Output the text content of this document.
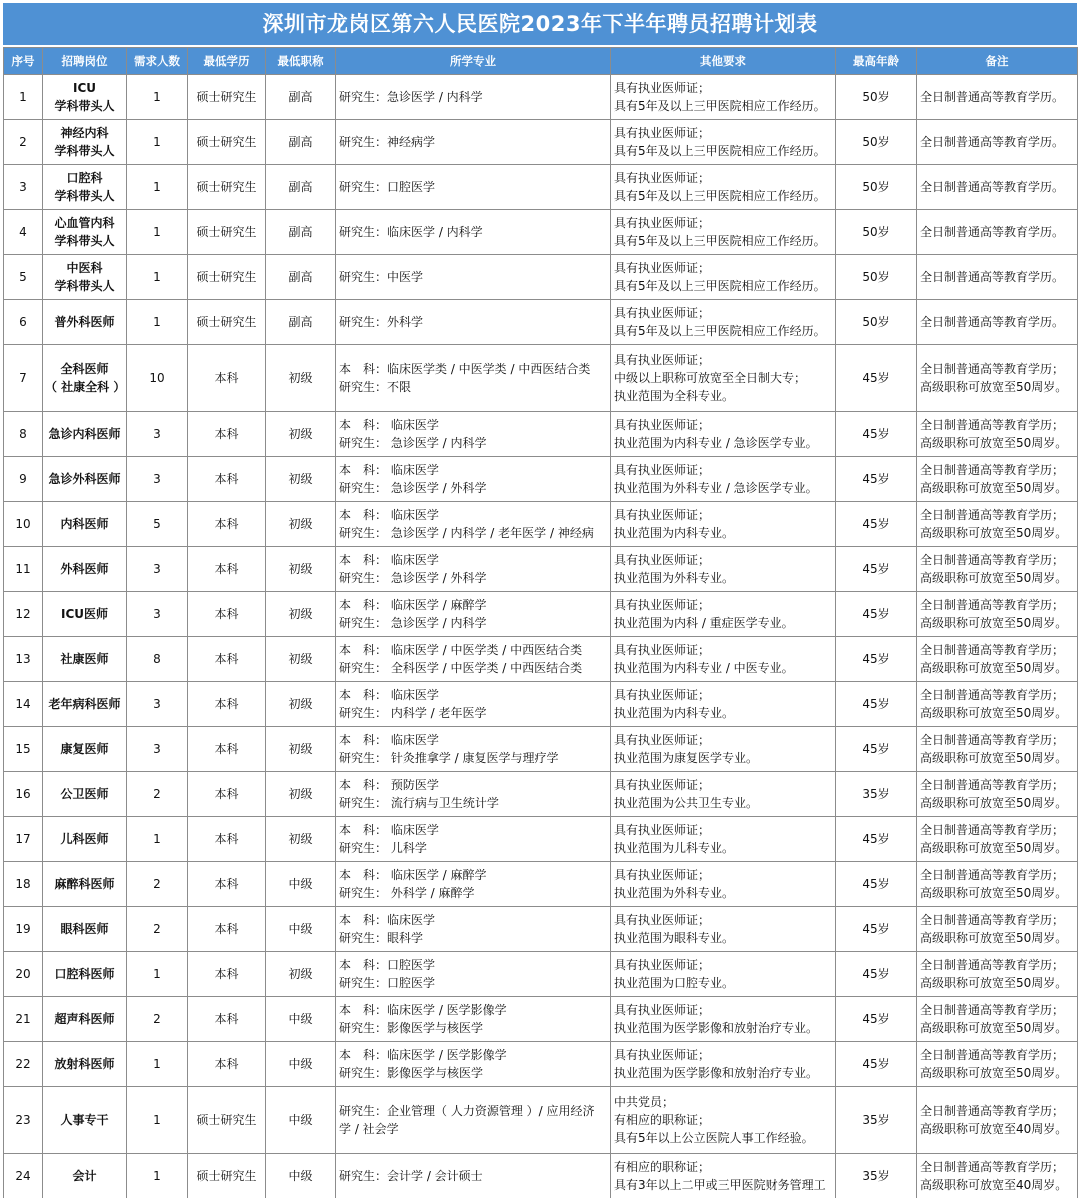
深圳市龙岗区第六人民医院2023年下半年聘员招聘计划表
序号	招聘岗位	需求人数	最低学历	最低职称	所学专业	其他要求	最高年龄	备注
1	ICU
学科带头人	1	硕士研究生	副高	研究生：急诊医学 / 内科学	具有执业医师证；
具有5年及以上三甲医院相应工作经历。	50岁	全日制普通高等教育学历。

2	神经内科
学科带头人	1	硕士研究生	副高	研究生：神经病学	具有执业医师证；
具有5年及以上三甲医院相应工作经历。	50岁	全日制普通高等教育学历。

3	口腔科
学科带头人	1	硕士研究生	副高	研究生：口腔医学	具有执业医师证；
具有5年及以上三甲医院相应工作经历。	50岁	全日制普通高等教育学历。

4	心血管内科
学科带头人	1	硕士研究生	副高	研究生：临床医学 / 内科学	具有执业医师证；
具有5年及以上三甲医院相应工作经历。	50岁	全日制普通高等教育学历。

5	中医科
学科带头人	1	硕士研究生	副高	研究生：中医学	具有执业医师证；
具有5年及以上三甲医院相应工作经历。	50岁	全日制普通高等教育学历。

6	普外科医师	1	硕士研究生	副高	研究生：外科学	具有执业医师证；
具有5年及以上三甲医院相应工作经历。	50岁	全日制普通高等教育学历。

7	全科医师
（ 社康全科 ）	10	本科	初级	本　科：临床医学类 / 中医学类 / 中西医结合类
研究生：不限	具有执业医师证；
中级以上职称可放宽至全日制大专；
执业范围为全科专业。	45岁	全日制普通高等教育学历；
高级职称可放宽至50周岁。

8	急诊内科医师	3	本科	初级	本　科： 临床医学
研究生： 急诊医学 / 内科学	具有执业医师证；
执业范围为内科专业 / 急诊医学专业。	45岁	全日制普通高等教育学历；
高级职称可放宽至50周岁。

9	急诊外科医师	3	本科	初级	本　科： 临床医学
研究生： 急诊医学 / 外科学	具有执业医师证；
执业范围为外科专业 / 急诊医学专业。	45岁	全日制普通高等教育学历；
高级职称可放宽至50周岁。

10	内科医师	5	本科	初级	本　科： 临床医学
研究生： 急诊医学 / 内科学 / 老年医学 / 神经病	具有执业医师证；
执业范围为内科专业。	45岁	全日制普通高等教育学历；
高级职称可放宽至50周岁。

11	外科医师	3	本科	初级	本　科： 临床医学
研究生： 急诊医学 / 外科学	具有执业医师证；
执业范围为外科专业。	45岁	全日制普通高等教育学历；
高级职称可放宽至50周岁。

12	ICU医师	3	本科	初级	本　科： 临床医学 / 麻醉学
研究生： 急诊医学 / 内科学	具有执业医师证；
执业范围为内科 / 重症医学专业。	45岁	全日制普通高等教育学历；
高级职称可放宽至50周岁。

13	社康医师	8	本科	初级	本　科： 临床医学 / 中医学类 / 中西医结合类
研究生： 全科医学 / 中医学类 / 中西医结合类	具有执业医师证；
执业范围为内科专业 / 中医专业。	45岁	全日制普通高等教育学历；
高级职称可放宽至50周岁。

14	老年病科医师	3	本科	初级	本　科： 临床医学
研究生： 内科学 / 老年医学	具有执业医师证；
执业范围为内科专业。	45岁	全日制普通高等教育学历；
高级职称可放宽至50周岁。

15	康复医师	3	本科	初级	本　科： 临床医学
研究生： 针灸推拿学 / 康复医学与理疗学	具有执业医师证；
执业范围为康复医学专业。	45岁	全日制普通高等教育学历；
高级职称可放宽至50周岁。

16	公卫医师	2	本科	初级	本　科： 预防医学
研究生： 流行病与卫生统计学	具有执业医师证；
执业范围为公共卫生专业。	35岁	全日制普通高等教育学历；
高级职称可放宽至50周岁。

17	儿科医师	1	本科	初级	本　科： 临床医学
研究生： 儿科学	具有执业医师证；
执业范围为儿科专业。	45岁	全日制普通高等教育学历；
高级职称可放宽至50周岁。

18	麻醉科医师	2	本科	中级	本　科： 临床医学 / 麻醉学
研究生： 外科学 / 麻醉学	具有执业医师证；
执业范围为外科专业。	45岁	全日制普通高等教育学历；
高级职称可放宽至50周岁。

19	眼科医师	2	本科	中级	本　科：临床医学
研究生：眼科学	具有执业医师证；
执业范围为眼科专业。	45岁	全日制普通高等教育学历；
高级职称可放宽至50周岁。

20	口腔科医师	1	本科	初级	本　科：口腔医学
研究生：口腔医学	具有执业医师证；
执业范围为口腔专业。	45岁	全日制普通高等教育学历；
高级职称可放宽至50周岁。

21	超声科医师	2	本科	中级	本　科：临床医学 / 医学影像学
研究生：影像医学与核医学	具有执业医师证；
执业范围为医学影像和放射治疗专业。	45岁	全日制普通高等教育学历；
高级职称可放宽至50周岁。

22	放射科医师	1	本科	中级	本　科：临床医学 / 医学影像学
研究生：影像医学与核医学	具有执业医师证；
执业范围为医学影像和放射治疗专业。	45岁	全日制普通高等教育学历；
高级职称可放宽至50周岁。

23	人事专干	1	硕士研究生	中级	研究生：企业管理（ 人力资源管理 ）/ 应用经济
学 / 社会学	中共党员；
有相应的职称证；
具有5年以上公立医院人事工作经验。	35岁	全日制普通高等教育学历；
高级职称可放宽至40周岁。

24	会计	1	硕士研究生	中级	研究生：会计学 / 会计硕士	有相应的职称证；
具有3年以上二甲或三甲医院财务管理工	35岁	全日制普通高等教育学历；
高级职称可放宽至40周岁。
